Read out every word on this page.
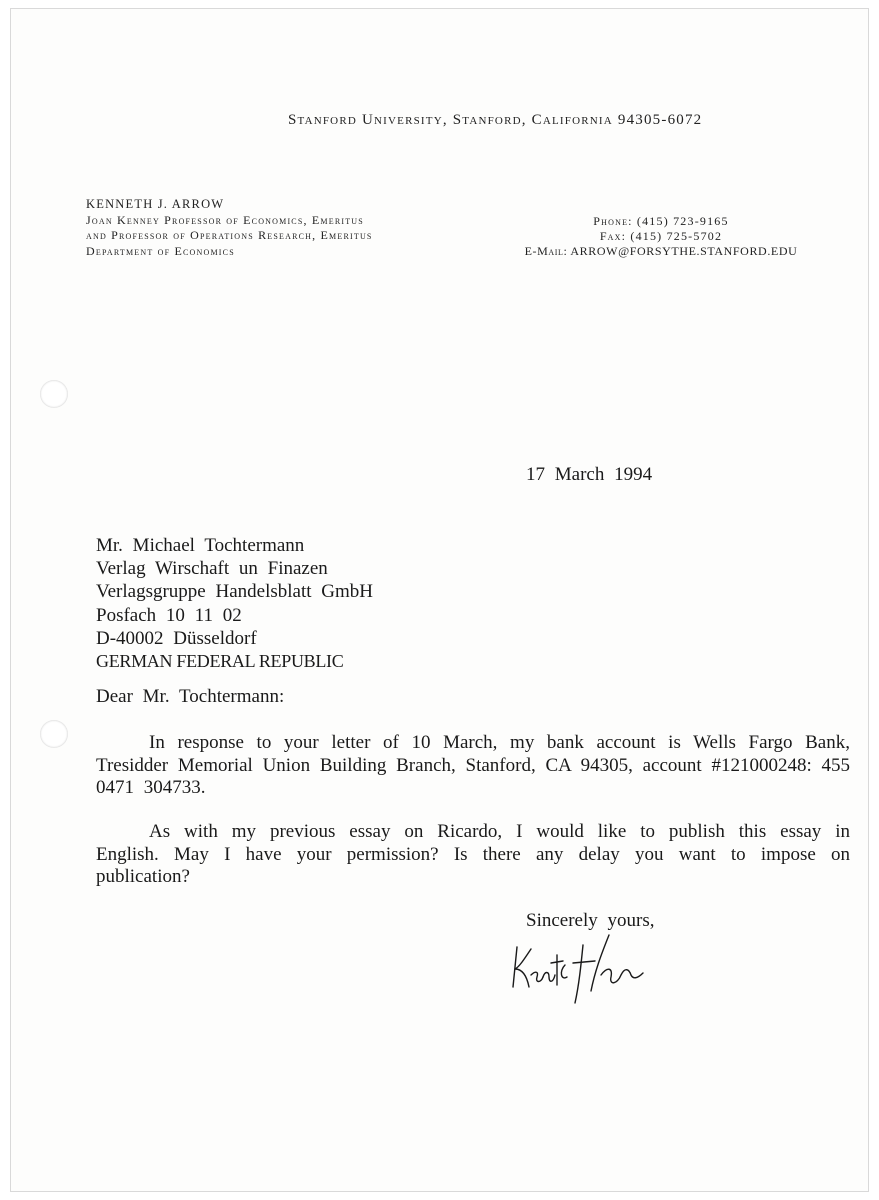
Stanford University, Stanford, California 94305-6072
KENNETH J. ARROW
Joan Kenney Professor of Economics, Emeritus
and Professor of Operations Research, Emeritus
Department of Economics
Phone: (415) 723-9165
Fax: (415) 725-5702
E-Mail: ARROW@FORSYTHE.STANFORD.EDU
17 March 1994
Mr. Michael Tochtermann
Verlag Wirschaft un Finazen
Verlagsgruppe Handelsblatt GmbH
Posfach 10 11 02
D-40002 Düsseldorf
GERMAN FEDERAL REPUBLIC
Dear Mr. Tochtermann:
In response to your letter of 10 March, my bank account is Wells Fargo Bank, Tresidder Memorial Union Building Branch, Stanford, CA 94305, account #121000248: 455 0471 304733.
As with my previous essay on Ricardo, I would like to publish this essay in English. May I have your permission? Is there any delay you want to impose on publication?
Sincerely yours,
